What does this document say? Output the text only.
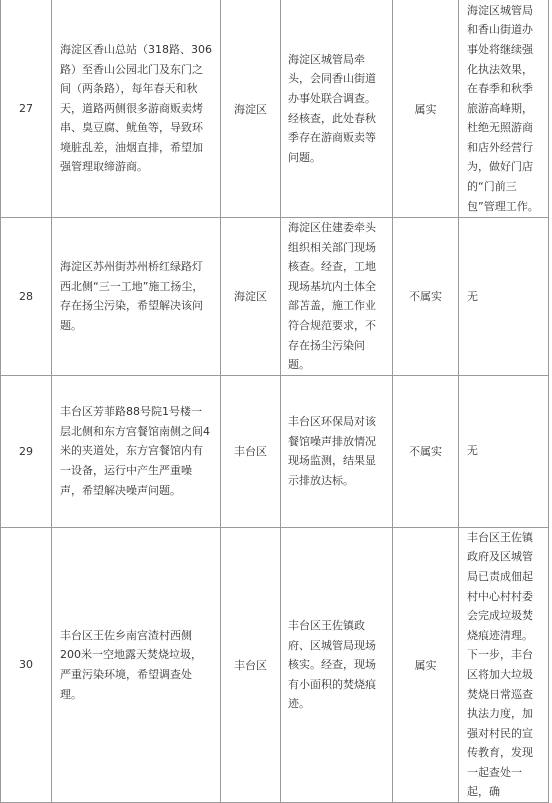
27	海淀区香山总站（318路、306路）至香山公园北门及东门之间（两条路），每年春天和秋天，道路两侧很多游商贩卖烤串、臭豆腐、鱿鱼等，导致环境脏乱差，油烟直排，希望加强管理取缔游商。	海淀区	海淀区城管局牵头，会同香山街道办事处联合调查。经核查，此处春秋季存在游商贩卖等问题。	属实	海淀区城管局和香山街道办事处将继续强化执法效果，在春季和秋季旅游高峰期，杜绝无照游商和店外经营行为，做好门店的“门前三包”管理工作。
28	海淀区苏州街苏州桥红绿路灯西北侧“三一工地”施工扬尘，存在扬尘污染，希望解决该问题。	海淀区	海淀区住建委牵头组织相关部门现场核查。经查，工地现场基坑内土体全部苫盖，施工作业符合规范要求，不存在扬尘污染问题。	不属实	无
29	丰台区芳菲路88号院1号楼一层北侧和东方宫餐馆南侧之间4米的夹道处，东方宫餐馆内有一设备，运行中产生严重噪声，希望解决噪声问题。	丰台区	丰台区环保局对该餐馆噪声排放情况现场监测，结果显示排放达标。	不属实	无
30	丰台区王佐乡南宫渣村西侧200米一空地露天焚烧垃圾，严重污染环境，希望调查处理。	丰台区	丰台区王佐镇政府、区城管局现场核实。经查，现场有小面积的焚烧痕迹。	属实	丰台区王佐镇政府及区城管局已责成佃起村中心村村委会完成垃圾焚烧痕迹清理。下一步，丰台区将加大垃圾焚烧日常巡查执法力度，加强对村民的宣传教育，发现一起查处一起，确
